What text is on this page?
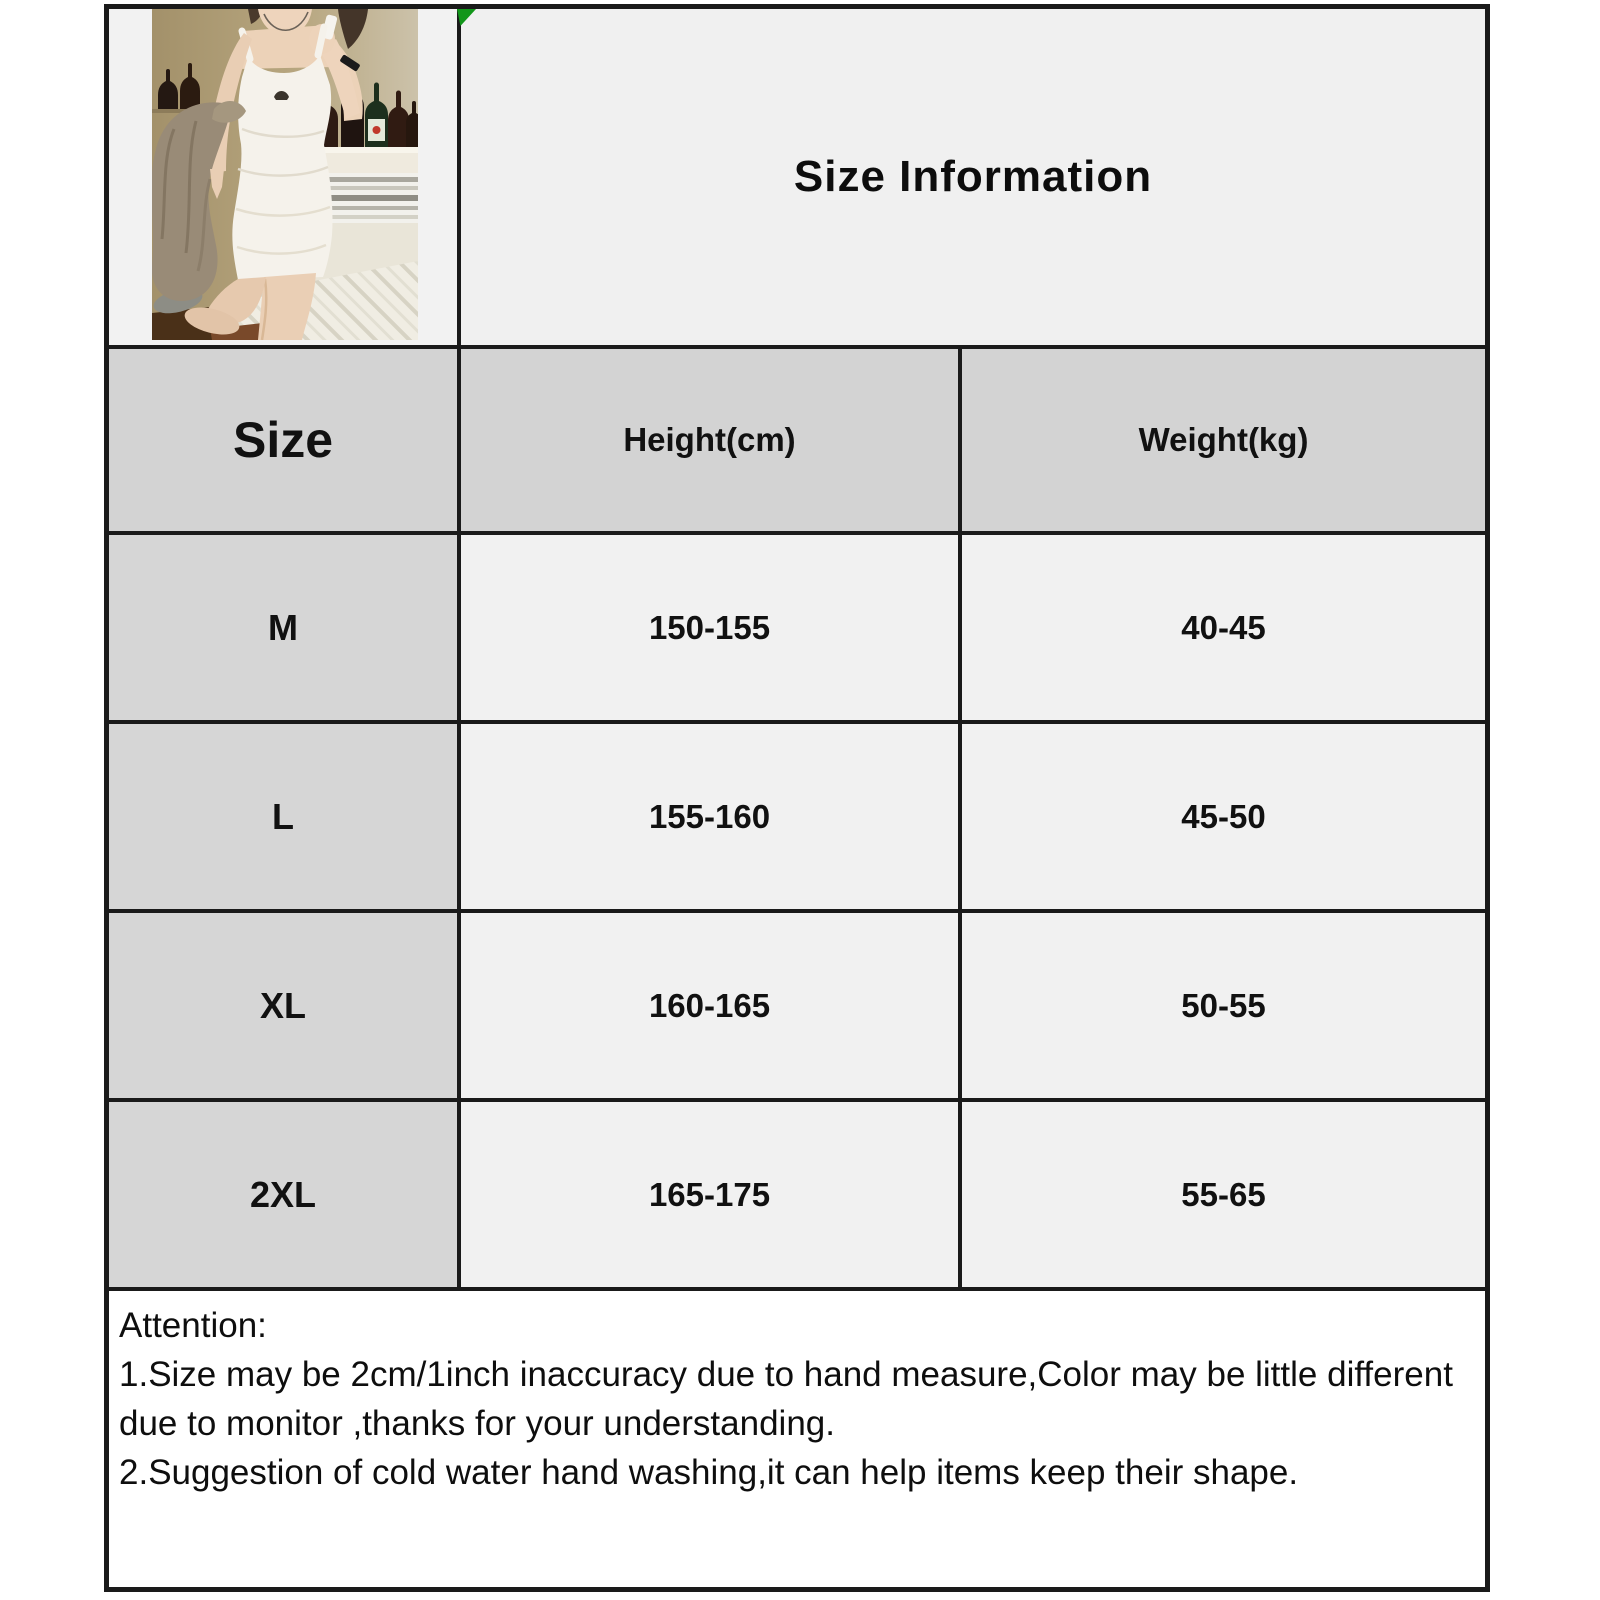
Size Information
Size	Height(cm)	Weight(kg)
M	150-155	40-45
L	155-160	45-50
XL	160-165	50-55
2XL	165-175	55-65
Attention:
1.Size may be 2cm/1inch inaccuracy due to hand measure,Color may be little different due to monitor ,thanks for your understanding.
2.Suggestion of cold water hand washing,it can help items keep their shape.
